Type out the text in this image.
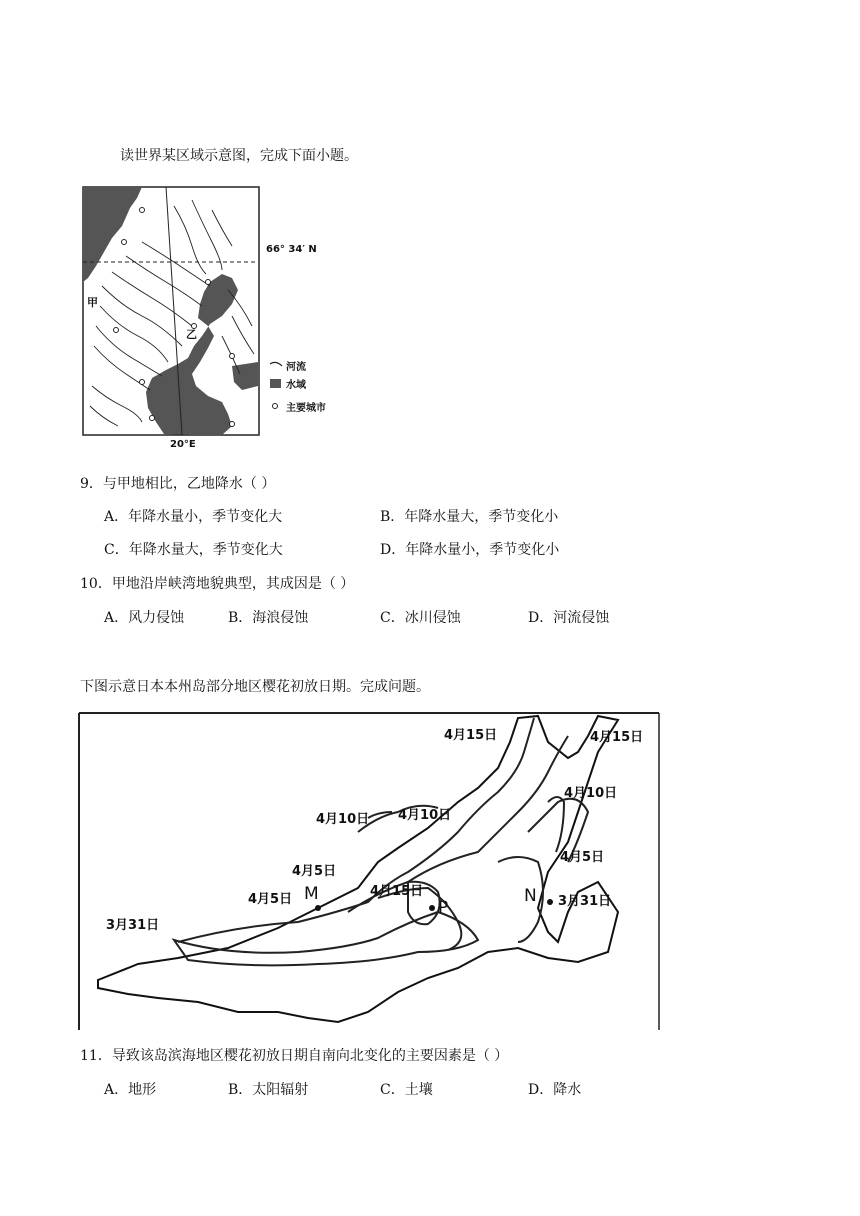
读世界某区域示意图，完成下面小题。
66° 34′ N
20°E
甲
乙
河流
水域
主要城市
9．与甲地相比，乙地降水（ ）
A．年降水量小，季节变化大	B．年降水量大，季节变化小
C．年降水量大，季节变化大	D．年降水量小，季节变化小
10．甲地沿岸峡湾地貌典型，其成因是（ ）
A．风力侵蚀	B．海浪侵蚀	C．冰川侵蚀	D．河流侵蚀
下图示意日本本州岛部分地区樱花初放日期。完成问题。
4月15日	4月15日
4月10日
4月10日 4月10日
4月5日
4月5日
4月5日
4月15日
3月31日
3月31日
M
P
N
11．导致该岛滨海地区樱花初放日期自南向北变化的主要因素是（ ）
A．地形	B．太阳辐射	C．土壤	D．降水
